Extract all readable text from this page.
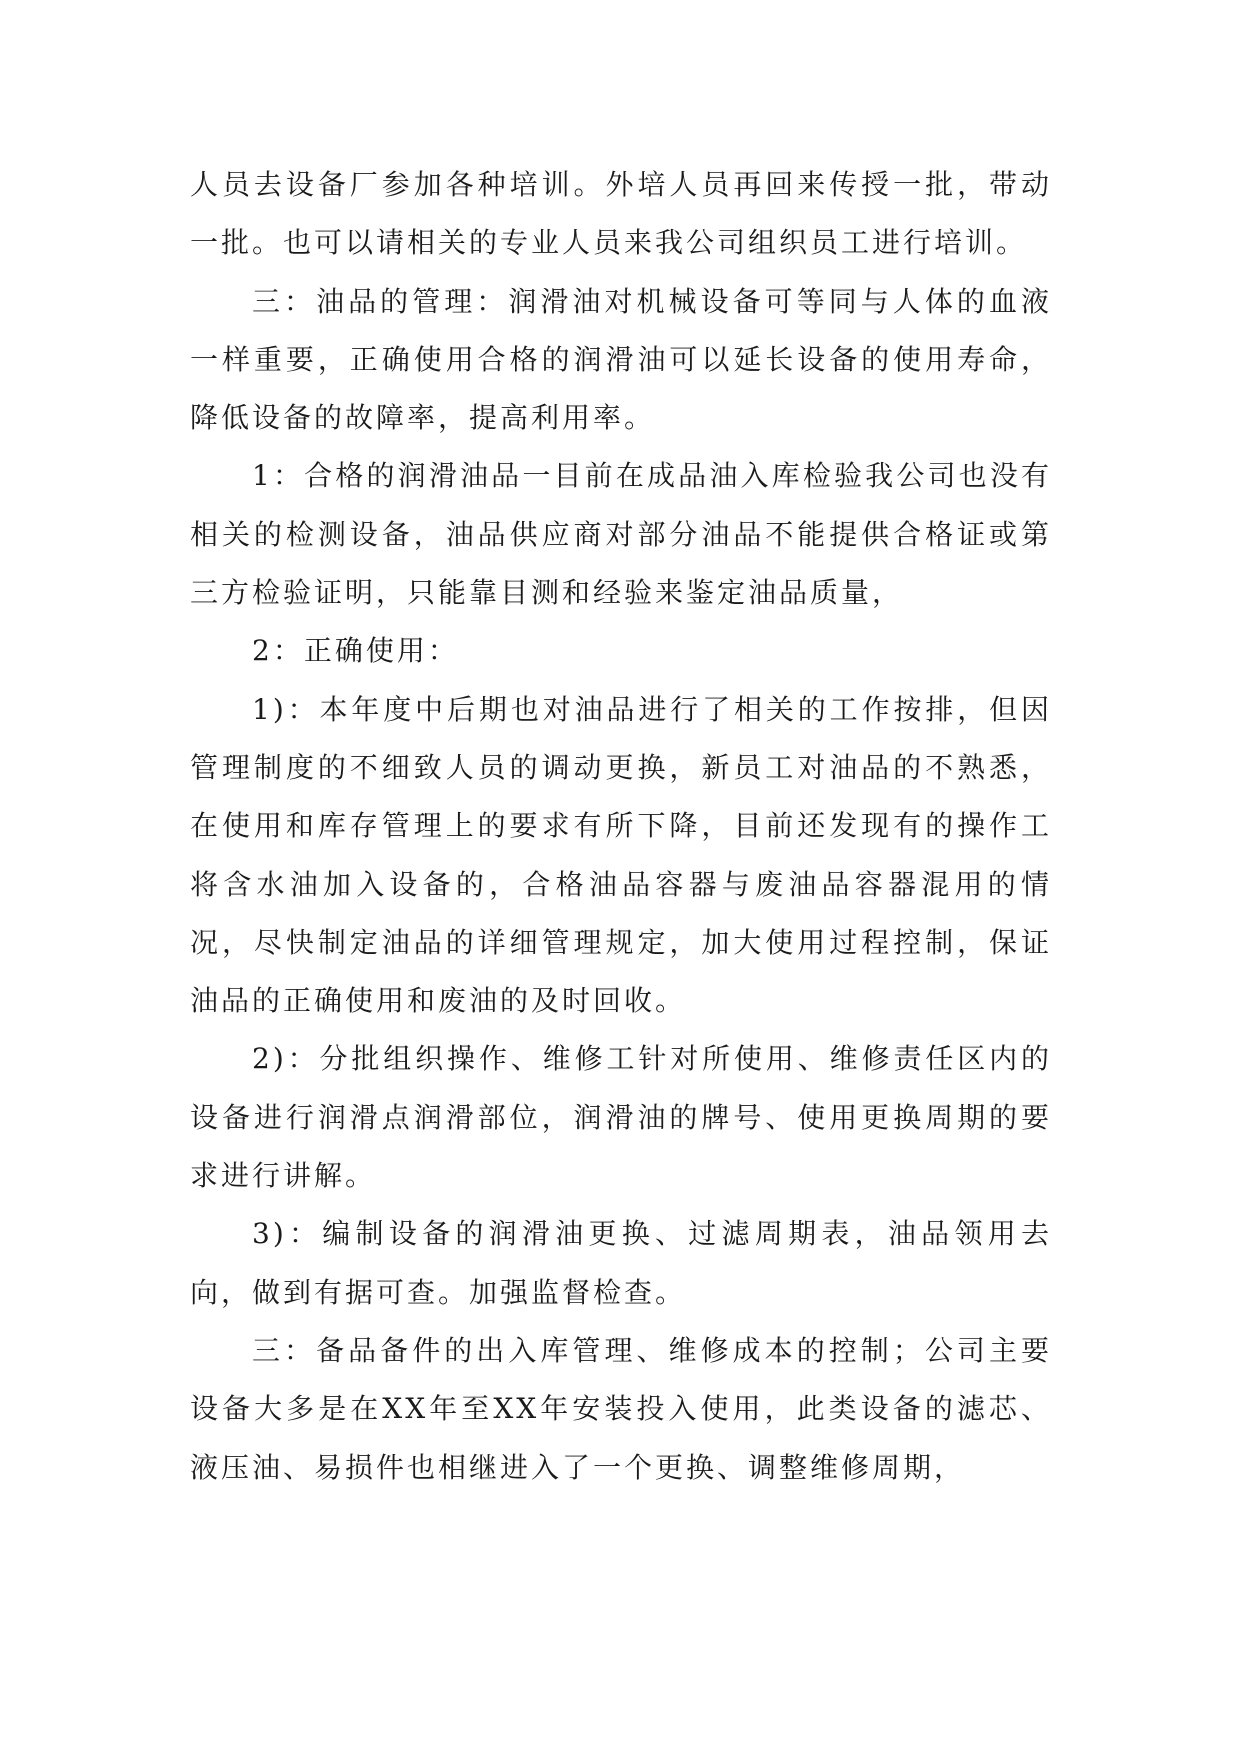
人员去设备厂参加各种培训。外培人员再回来传授一批，带动一批。也可以请相关的专业人员来我公司组织员工进行培训。

三：油品的管理：润滑油对机械设备可等同与人体的血液一样重要，正确使用合格的润滑油可以延长设备的使用寿命，降低设备的故障率，提高利用率。

1：合格的润滑油品一目前在成品油入库检验我公司也没有相关的检测设备，油品供应商对部分油品不能提供合格证或第三方检验证明，只能靠目测和经验来鉴定油品质量，

2：正确使用：

1)：本年度中后期也对油品进行了相关的工作按排，但因管理制度的不细致人员的调动更换，新员工对油品的不熟悉，在使用和库存管理上的要求有所下降，目前还发现有的操作工将含水油加入设备的，合格油品容器与废油品容器混用的情况，尽快制定油品的详细管理规定，加大使用过程控制，保证油品的正确使用和废油的及时回收。

2)：分批组织操作、维修工针对所使用、维修责任区内的设备进行润滑点润滑部位，润滑油的牌号、使用更换周期的要求进行讲解。

3)：编制设备的润滑油更换、过滤周期表，油品领用去向，做到有据可查。加强监督检查。

三：备品备件的出入库管理、维修成本的控制；公司主要设备大多是在XX年至XX年安装投入使用，此类设备的滤芯、液压油、易损件也相继进入了一个更换、调整维修周期，
